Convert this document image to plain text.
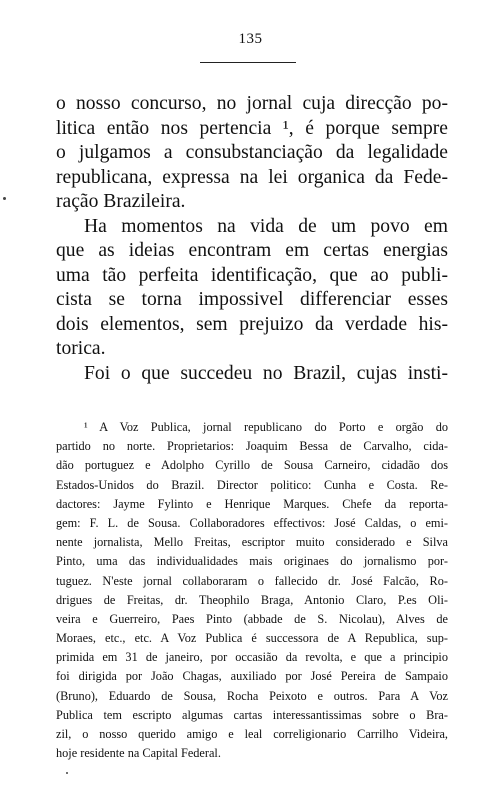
135
o nosso concurso, no jornal cuja direcção po-
litica então nos pertencia ¹, é porque sempre
o julgamos a consubstanciação da legalidade
republicana, expressa na lei organica da Fede-
ração Brazileira.
Ha momentos na vida de um povo em
que as ideias encontram em certas energias
uma tão perfeita identificação, que ao publi-
cista se torna impossivel differenciar esses
dois elementos, sem prejuizo da verdade his-
torica.
Foi o que succedeu no Brazil, cujas insti-
¹ A Voz Publica, jornal republicano do Porto e orgão do
partido no norte. Proprietarios: Joaquim Bessa de Carvalho, cida-
dão portuguez e Adolpho Cyrillo de Sousa Carneiro, cidadão dos
Estados-Unidos do Brazil. Director politico: Cunha e Costa. Re-
dactores: Jayme Fylinto e Henrique Marques. Chefe da reporta-
gem: F. L. de Sousa. Collaboradores effectivos: José Caldas, o emi-
nente jornalista, Mello Freitas, escriptor muito considerado e Silva
Pinto, uma das individualidades mais originaes do jornalismo por-
tuguez. N'este jornal collaboraram o fallecido dr. José Falcão, Ro-
drigues de Freitas, dr. Theophilo Braga, Antonio Claro, P.es Oli-
veira e Guerreiro, Paes Pinto (abbade de S. Nicolau), Alves de
Moraes, etc., etc. A Voz Publica é successora de A Republica, sup-
primida em 31 de janeiro, por occasião da revolta, e que a principio
foi dirigida por João Chagas, auxiliado por José Pereira de Sampaio
(Bruno), Eduardo de Sousa, Rocha Peixoto e outros. Para A Voz
Publica tem escripto algumas cartas interessantissimas sobre o Bra-
zil, o nosso querido amigo e leal correligionario Carrilho Videira,
hoje residente na Capital Federal.
